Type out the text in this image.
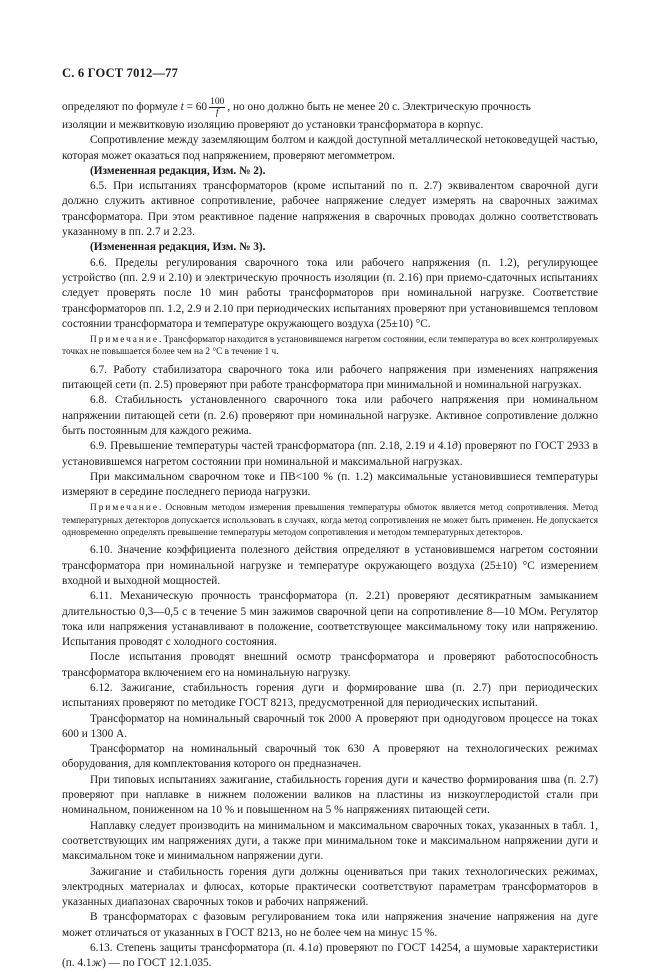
С. 6 ГОСТ 7012—77

определяют по формуле $t = 60 \frac{100}{f}$ , но оно должно быть не менее 20 с. Электрическую прочность

изоляции и межвитковую изоляцию проверяют до установки трансформатора в корпус.

Сопротивление между заземляющим болтом и каждой доступной металлической нетоковедущей частью, которая может оказаться под напряжением, проверяют мегомметром.

(Измененная редакция, Изм. № 2).

6.5. При испытаниях трансформаторов (кроме испытаний по п. 2.7) эквивалентом сварочной дуги должно служить активное сопротивление, рабочее напряжение следует измерять на сварочных зажимах трансформатора. При этом реактивное падение напряжения в сварочных проводах должно соответствовать указанному в пп. 2.7 и 2.23.

(Измененная редакция, Изм. № 3).

6.6. Пределы регулирования сварочного тока или рабочего напряжения (п. 1.2), регулирующее устройство (пп. 2.9 и 2.10) и электрическую прочность изоляции (п. 2.16) при приемо-сдаточных испытаниях следует проверять после 10 мин работы трансформаторов при номинальной нагрузке. Соответствие трансформаторов пп. 1.2, 2.9 и 2.10 при периодических испытаниях проверяют при установившемся тепловом состоянии трансформатора и температуре окружающего воздуха (25±10) °С.

Примечание. Трансформатор находится в установившемся нагретом состоянии, если температура во всех контролируемых точках не повышается более чем на 2 °С в течение 1 ч.

6.7. Работу стабилизатора сварочного тока или рабочего напряжения при изменениях напряжения питающей сети (п. 2.5) проверяют при работе трансформатора при минимальной и номинальной нагрузках.

6.8. Стабильность установленного сварочного тока или рабочего напряжения при номинальном напряжении питающей сети (п. 2.6) проверяют при номинальной нагрузке. Активное сопротивление должно быть постоянным для каждого режима.

6.9. Превышение температуры частей трансформатора (пп. 2.18, 2.19 и 4.1д) проверяют по ГОСТ 2933 в установившемся нагретом состоянии при номинальной и максимальной нагрузках.

При максимальном сварочном токе и ПВ<100 % (п. 1.2) максимальные установившиеся температуры измеряют в середине последнего периода нагрузки.

Примечание. Основным методом измерения превышения температуры обмоток является метод сопротивления. Метод температурных детекторов допускается использовать в случаях, когда метод сопротивления не может быть применен. Не допускается одновременно определять превышение температуры методом сопротивления и методом температурных детекторов.

6.10. Значение коэффициента полезного действия определяют в установившемся нагретом состоянии трансформатора при номинальной нагрузке и температуре окружающего воздуха (25±10) °С измерением входной и выходной мощностей.

6.11. Механическую прочность трансформатора (п. 2.21) проверяют десятикратным замыканием длительностью 0,3—0,5 с в течение 5 мин зажимов сварочной цепи на сопротивление 8—10 МОм. Регулятор тока или напряжения устанавливают в положение, соответствующее максимальному току или напряжению. Испытания проводят с холодного состояния.

После испытания проводят внешний осмотр трансформатора и проверяют работоспособность трансформатора включением его на номинальную нагрузку.

6.12. Зажигание, стабильность горения дуги и формирование шва (п. 2.7) при периодических испытаниях проверяют по методике ГОСТ 8213, предусмотренной для периодических испытаний.

Трансформатор на номинальный сварочный ток 2000 А проверяют при однодуговом процессе на токах 600 и 1300 А.

Трансформатор на номинальный сварочный ток 630 А проверяют на технологических режимах оборудования, для комплектования которого он предназначен.

При типовых испытаниях зажигание, стабильность горения дуги и качество формирования шва (п. 2.7) проверяют при наплавке в нижнем положении валиков на пластины из низкоуглеродистой стали при номинальном, пониженном на 10 % и повышенном на 5 % напряжениях питающей сети.

Наплавку следует производить на минимальном и максимальном сварочных токах, указанных в табл. 1, соответствующих им напряжениях дуги, а также при минимальном токе и максимальном напряжении дуги и максимальном токе и минимальном напряжении дуги.

Зажигание и стабильность горения дуги должны оцениваться при таких технологических режимах, электродных материалах и флюсах, которые практически соответствуют параметрам трансформаторов в указанных диапазонах сварочных токов и рабочих напряжений.

В трансформаторах с фазовым регулированием тока или напряжения значение напряжения на дуге может отличаться от указанных в ГОСТ 8213, но не более чем на минус 15 %.

6.13. Степень защиты трансформатора (п. 4.1а) проверяют по ГОСТ 14254, а шумовые характеристики (п. 4.1ж) — по ГОСТ 12.1.035.
